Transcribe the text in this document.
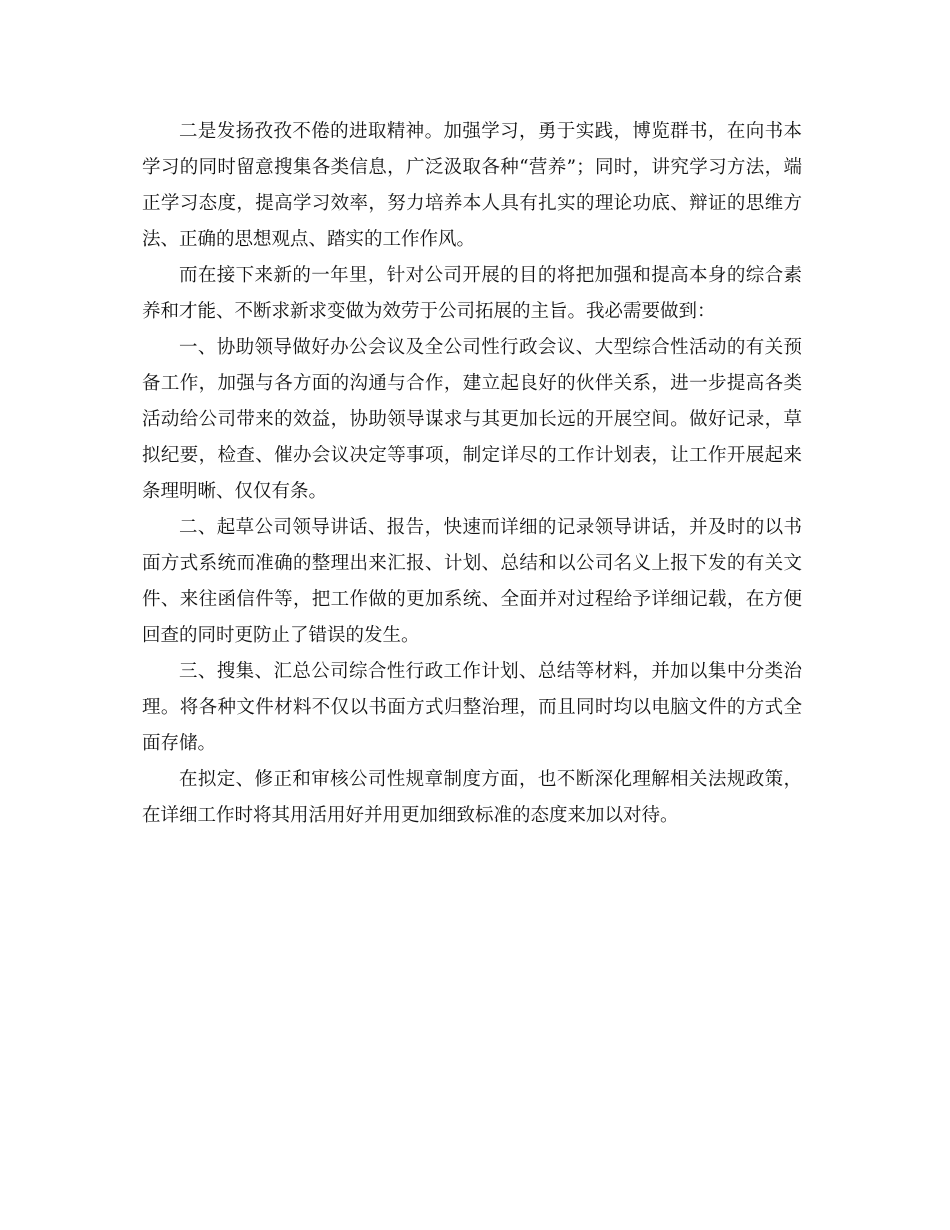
二是发扬孜孜不倦的进取精神。加强学习，勇于实践，博览群书，在向书本学习的同时留意搜集各类信息，广泛汲取各种“营养”；同时，讲究学习方法，端正学习态度，提高学习效率，努力培养本人具有扎实的理论功底、辩证的思维方法、正确的思想观点、踏实的工作作风。

而在接下来新的一年里，针对公司开展的目的将把加强和提高本身的综合素养和才能、不断求新求变做为效劳于公司拓展的主旨。我必需要做到：

一、协助领导做好办公会议及全公司性行政会议、大型综合性活动的有关预备工作，加强与各方面的沟通与合作，建立起良好的伙伴关系，进一步提高各类活动给公司带来的效益，协助领导谋求与其更加长远的开展空间。做好记录，草拟纪要，检查、催办会议决定等事项，制定详尽的工作计划表，让工作开展起来条理明晰、仅仅有条。

二、起草公司领导讲话、报告，快速而详细的记录领导讲话，并及时的以书面方式系统而准确的整理出来汇报、计划、总结和以公司名义上报下发的有关文件、来往函信件等，把工作做的更加系统、全面并对过程给予详细记载，在方便回查的同时更防止了错误的发生。

三、搜集、汇总公司综合性行政工作计划、总结等材料，并加以集中分类治理。将各种文件材料不仅以书面方式归整治理，而且同时均以电脑文件的方式全面存储。

在拟定、修正和审核公司性规章制度方面，也不断深化理解相关法规政策，在详细工作时将其用活用好并用更加细致标准的态度来加以对待。
